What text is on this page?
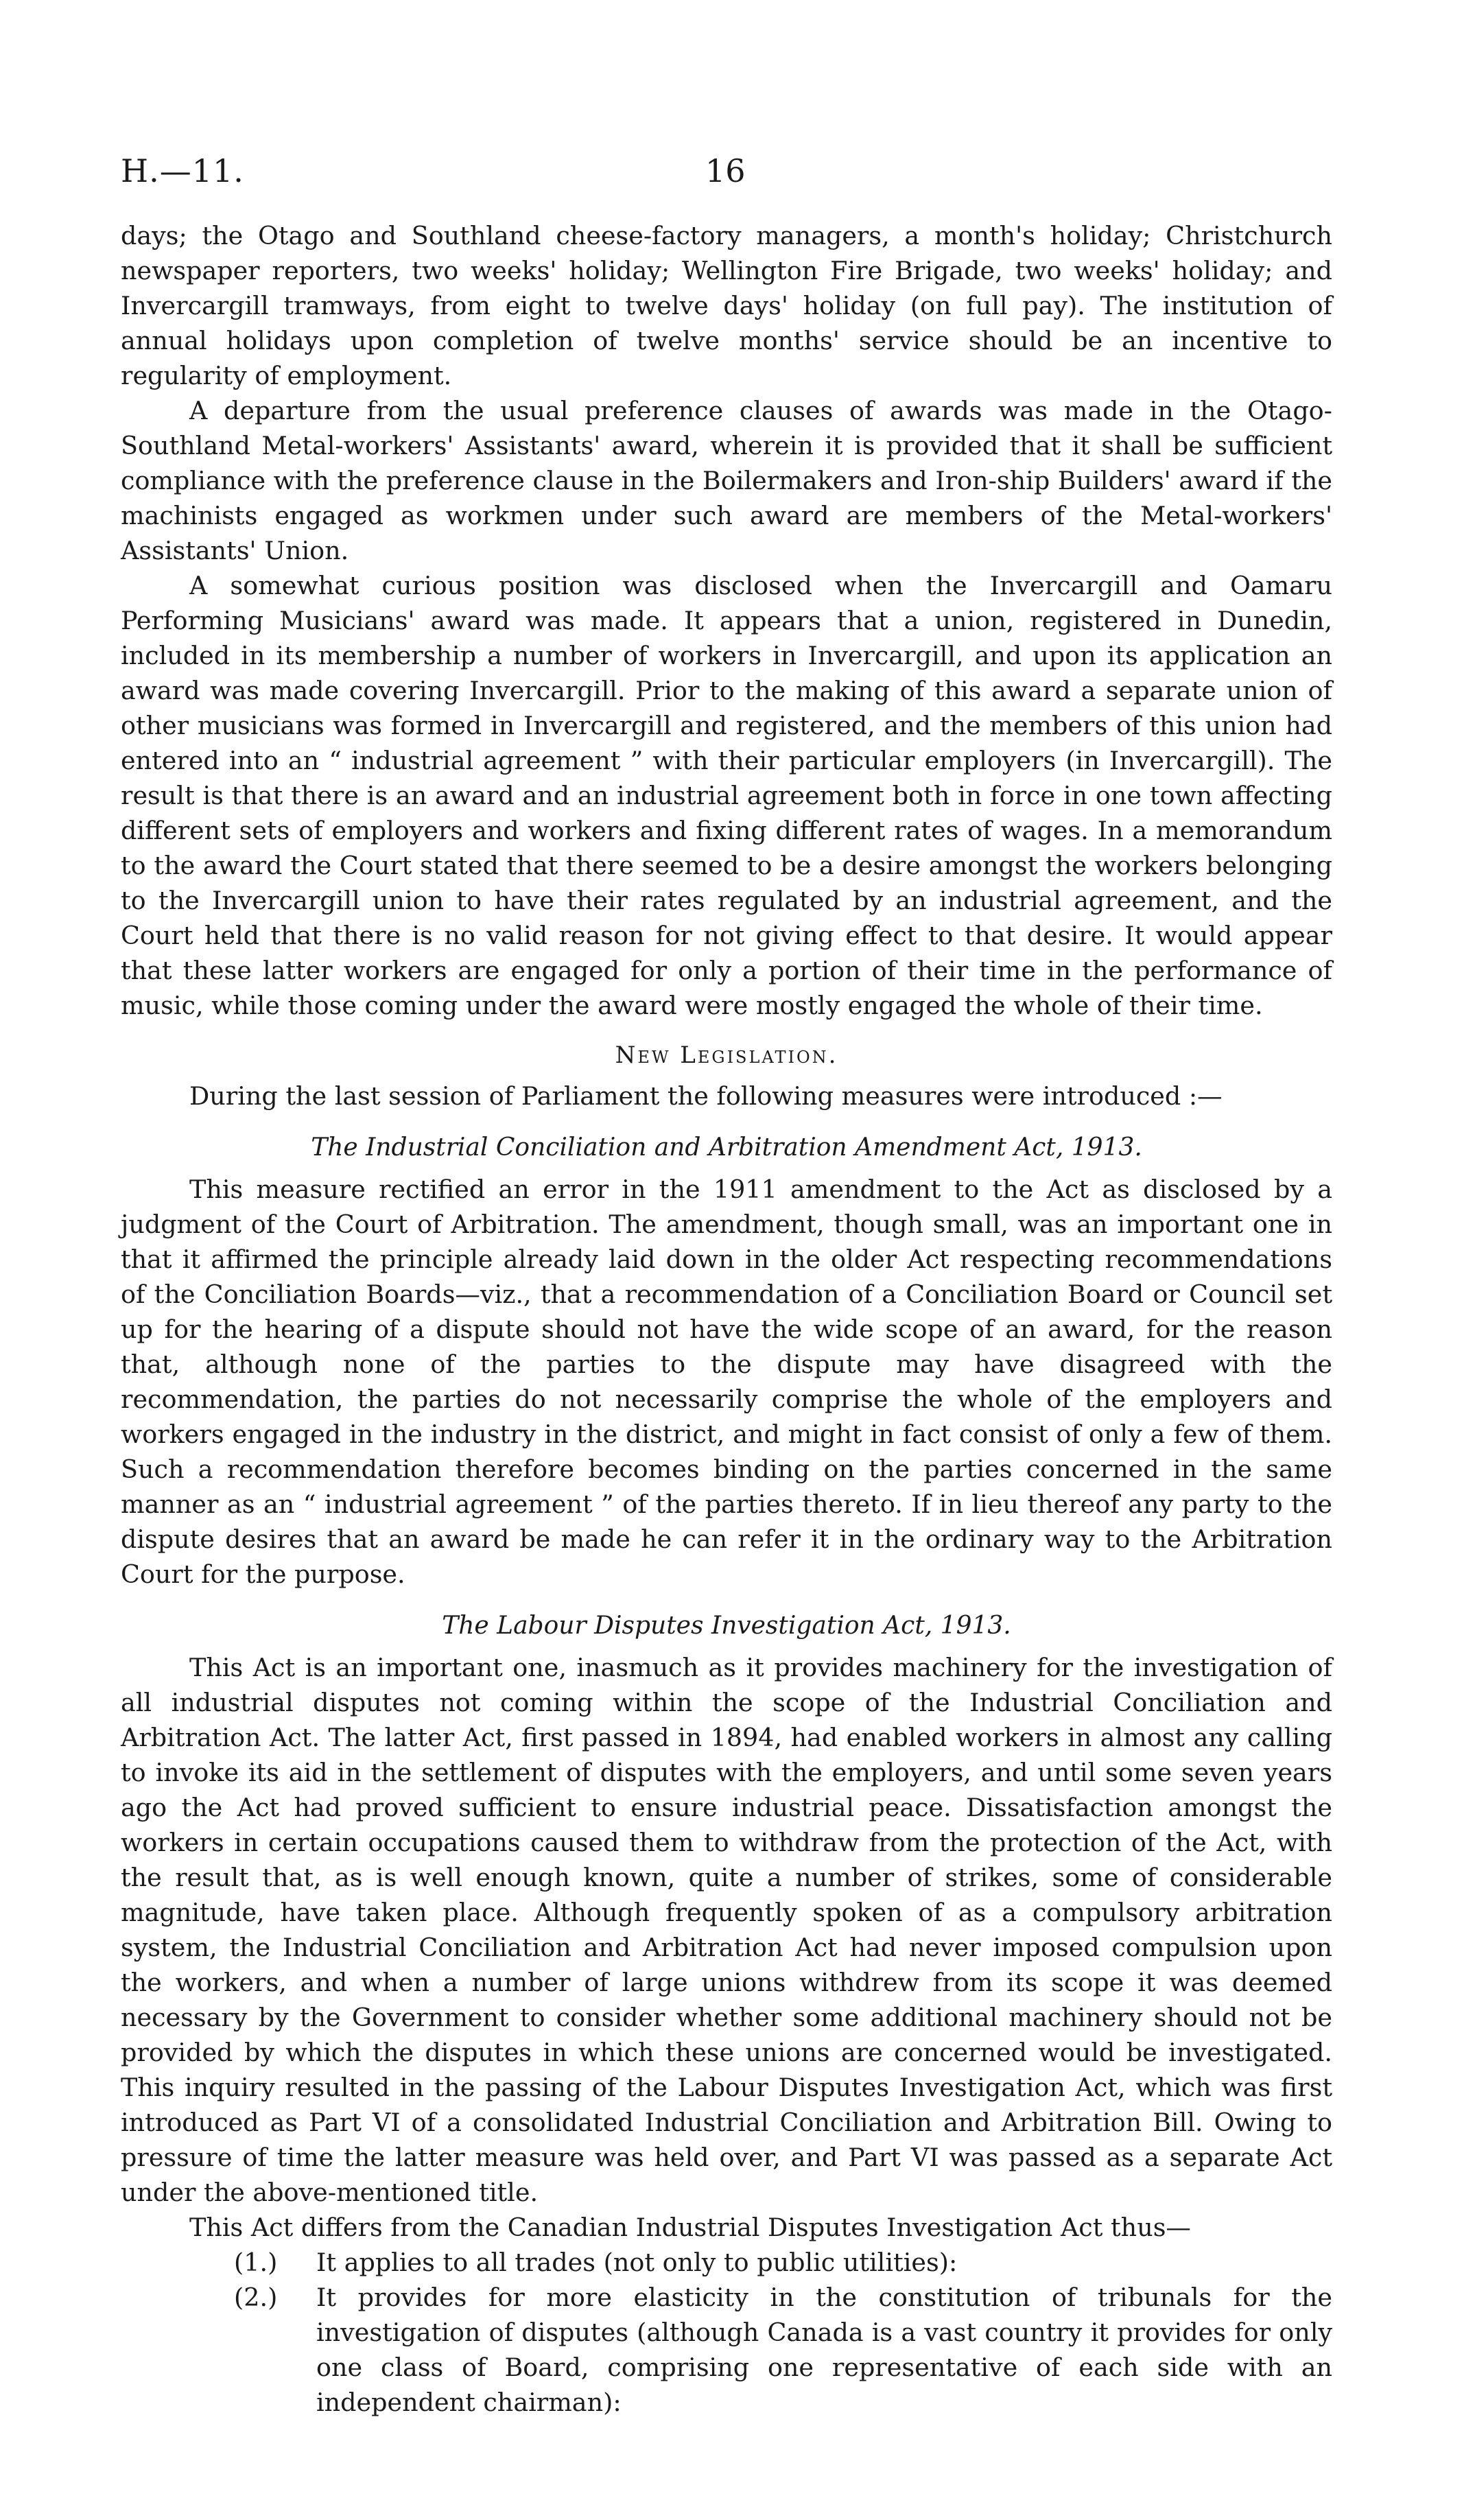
H.—11.	16

days; the Otago and Southland cheese-factory managers, a month's holiday; Christchurch newspaper reporters, two weeks' holiday; Wellington Fire Brigade, two weeks' holiday; and Invercargill tramways, from eight to twelve days' holiday (on full pay). The institution of annual holidays upon completion of twelve months' service should be an incentive to regularity of employment.

A departure from the usual preference clauses of awards was made in the Otago-Southland Metal-workers' Assistants' award, wherein it is provided that it shall be sufficient compliance with the preference clause in the Boilermakers and Iron-ship Builders' award if the machinists engaged as workmen under such award are members of the Metal-workers' Assistants' Union.

A somewhat curious position was disclosed when the Invercargill and Oamaru Performing Musicians' award was made. It appears that a union, registered in Dunedin, included in its membership a number of workers in Invercargill, and upon its application an award was made covering Invercargill. Prior to the making of this award a separate union of other musicians was formed in Invercargill and registered, and the members of this union had entered into an “ industrial agreement ” with their particular employers (in Invercargill). The result is that there is an award and an industrial agreement both in force in one town affecting different sets of employers and workers and fixing different rates of wages. In a memorandum to the award the Court stated that there seemed to be a desire amongst the workers belonging to the Invercargill union to have their rates regulated by an industrial agreement, and the Court held that there is no valid reason for not giving effect to that desire. It would appear that these latter workers are engaged for only a portion of their time in the performance of music, while those coming under the award were mostly engaged the whole of their time.

New Legislation.

During the last session of Parliament the following measures were introduced :—

The Industrial Conciliation and Arbitration Amendment Act, 1913.

This measure rectified an error in the 1911 amendment to the Act as disclosed by a judgment of the Court of Arbitration. The amendment, though small, was an important one in that it affirmed the principle already laid down in the older Act respecting recommendations of the Conciliation Boards—viz., that a recommendation of a Conciliation Board or Council set up for the hearing of a dispute should not have the wide scope of an award, for the reason that, although none of the parties to the dispute may have disagreed with the recommendation, the parties do not necessarily comprise the whole of the employers and workers engaged in the industry in the district, and might in fact consist of only a few of them. Such a recommendation therefore becomes binding on the parties concerned in the same manner as an “ industrial agreement ” of the parties thereto. If in lieu thereof any party to the dispute desires that an award be made he can refer it in the ordinary way to the Arbitration Court for the purpose.

The Labour Disputes Investigation Act, 1913.

This Act is an important one, inasmuch as it provides machinery for the investigation of all industrial disputes not coming within the scope of the Industrial Conciliation and Arbitration Act. The latter Act, first passed in 1894, had enabled workers in almost any calling to invoke its aid in the settlement of disputes with the employers, and until some seven years ago the Act had proved sufficient to ensure industrial peace. Dissatisfaction amongst the workers in certain occupations caused them to withdraw from the protection of the Act, with the result that, as is well enough known, quite a number of strikes, some of considerable magnitude, have taken place. Although frequently spoken of as a compulsory arbitration system, the Industrial Conciliation and Arbitration Act had never imposed compulsion upon the workers, and when a number of large unions withdrew from its scope it was deemed necessary by the Government to consider whether some additional machinery should not be provided by which the disputes in which these unions are concerned would be investigated. This inquiry resulted in the passing of the Labour Disputes Investigation Act, which was first introduced as Part VI of a consolidated Industrial Conciliation and Arbitration Bill. Owing to pressure of time the latter measure was held over, and Part VI was passed as a separate Act under the above-mentioned title.

This Act differs from the Canadian Industrial Disputes Investigation Act thus—

(1.)	It applies to all trades (not only to public utilities):
(2.)	It provides for more elasticity in the constitution of tribunals for the investigation of disputes (although Canada is a vast country it provides for only one class of Board, comprising one representative of each side with an independent chairman):
